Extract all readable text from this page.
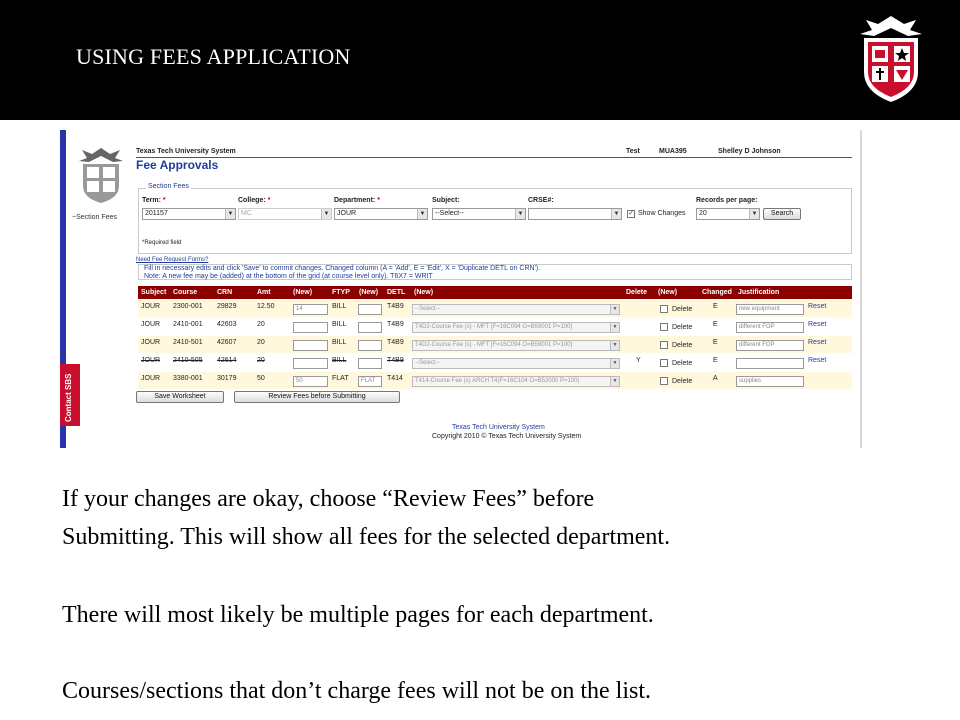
USING FEES APPLICATION
~Section Fees
Contact SBS
Texas Tech University System	Test	MUA395	Shelley D Johnson
Fee Approvals
Section Fees
Term: *
201157	▼
College: *
MC	▼
Department: *
JOUR	▼
Subject:
--Select--	▼
CRSE#:
▼
✓	Show Changes
Records per page:
20	▼	Search
*Required field
Need Fee Request Forms?
Fill in necessary edits and click 'Save' to commit changes. Changed column (A = 'Add', E = 'Edit', X = 'Duplicate DETL on CRN').
Note: A new fee may be (added) at the bottom of the grid (at course level only). T6X7 = WRIT
Subject Course	CRN	Amt	(New)	FTYP (New) DETL (New)	Delete (New)	Changed Justification
JOUR 2300-001 29829	12.50	14	BILL	T4B9	--Select--	▼	Delete	E	new equipment	Reset
JOUR 2410-001 42603	20	BILL	T4B9	T4D2-Course Fee (s) - MFT [F=16C094 O=B59001 P=100]	▼	Delete	E	different FOP	Reset
JOUR 2410-501 42607	20	BILL	T4B9	T4D2-Course Fee (s) - MFT [F=16C094 O=B59001 P=100]	▼	Delete	E	different FOP	Reset
JOUR 2410-505 42614	20	BILL	T4B9	--Select--	▼	Y	Delete	E	Reset
JOUR 3380-001 30179	50	50	FLAT	FLAT	T414	T414-Course Fee (s) ARCH T4(F=16C104 O=B52000 P=100)	▼	Delete	A	supplies
Save Worksheet	Review Fees before Submitting
Texas Tech University System
Copyright 2010 © Texas Tech University System
If your changes are okay, choose “Review Fees” before
Submitting. This will show all fees for the selected department.
There will most likely be multiple pages for each department.
Courses/sections that don’t charge fees will not be on the list.
